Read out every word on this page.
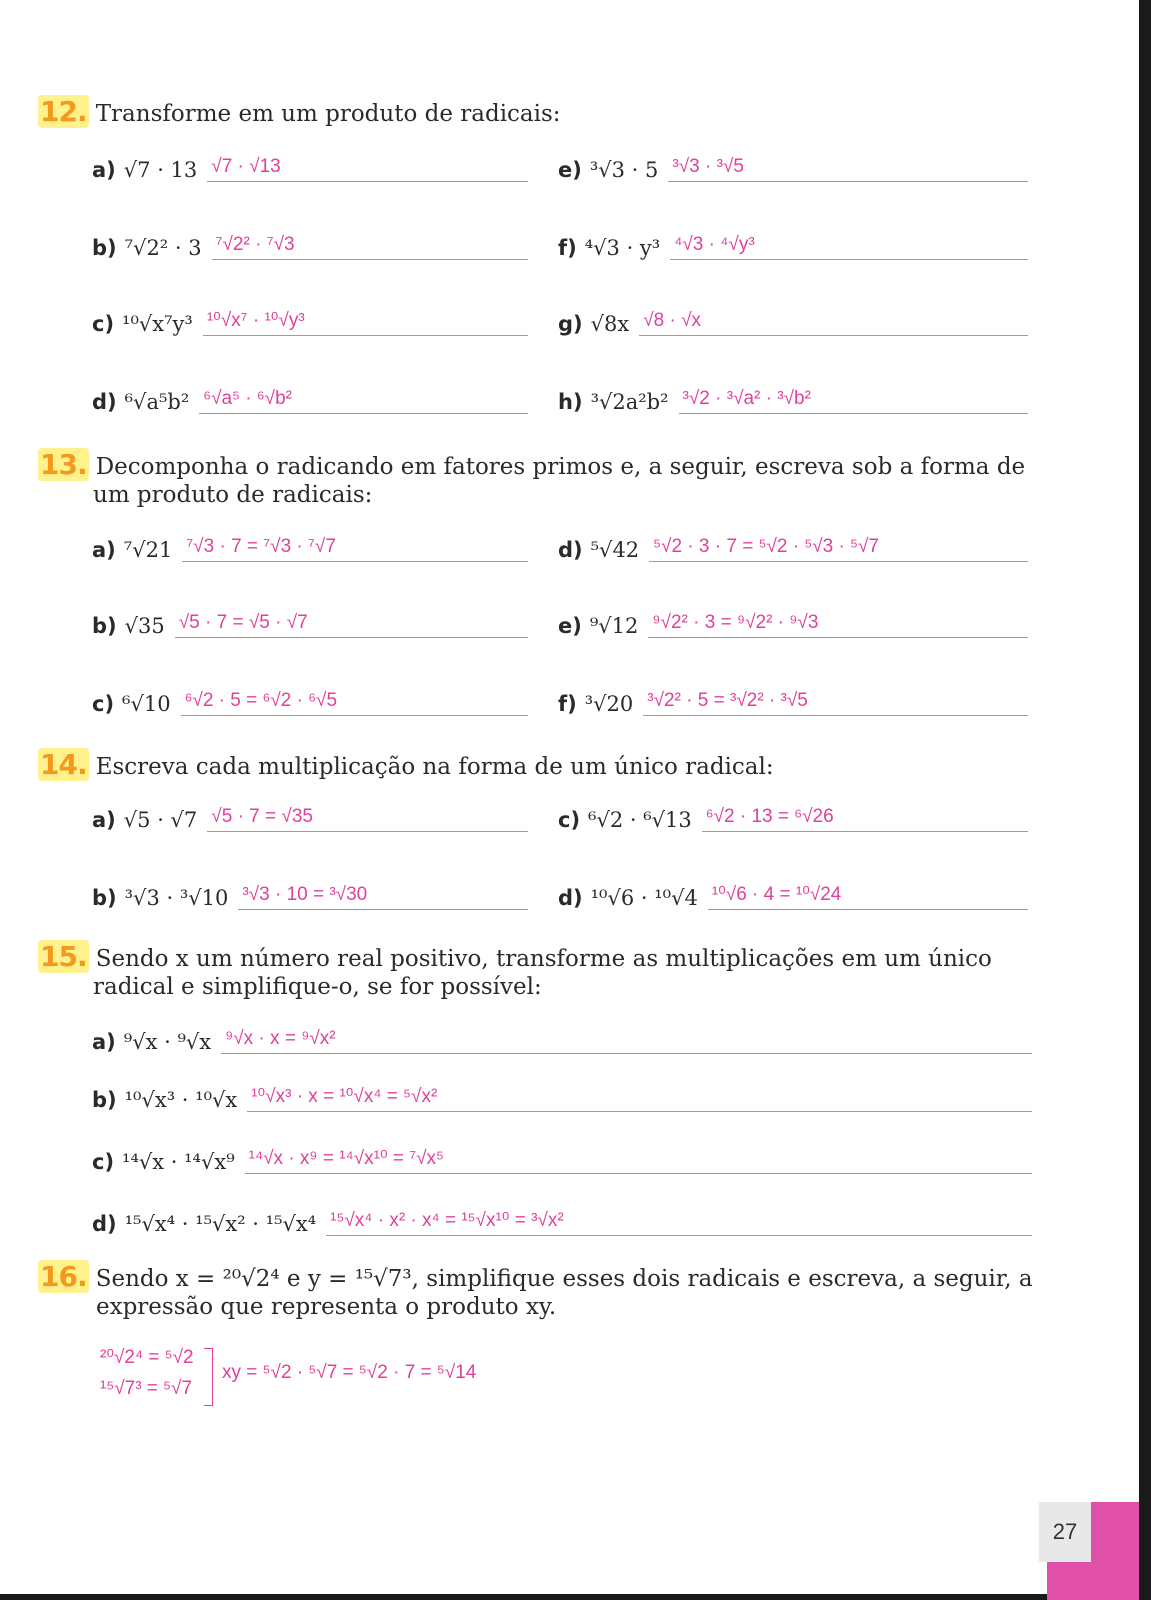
27
12. Transforme em um produto de radicais:
a) √7 · 13 √7 · √13	e) ³√3 · 5 ³√3 · ³√5
b) ⁷√2² · 3 ⁷√2² · ⁷√3	f) ⁴√3 · y³ ⁴√3 · ⁴√y³
c) ¹⁰√x⁷y³ ¹⁰√x⁷ · ¹⁰√y³	g) √8x √8 · √x
d) ⁶√a⁵b² ⁶√a⁵ · ⁶√b²	h) ³√2a²b² ³√2 · ³√a² · ³√b²
13. Decomponha o radicando em fatores primos e, a seguir, escreva sob a forma de
um produto de radicais:
a) ⁷√21 ⁷√3 · 7 = ⁷√3 · ⁷√7	d) ⁵√42 ⁵√2 · 3 · 7 = ⁵√2 · ⁵√3 · ⁵√7
b) √35 √5 · 7 = √5 · √7	e) ⁹√12 ⁹√2² · 3 = ⁹√2² · ⁹√3
c) ⁶√10 ⁶√2 · 5 = ⁶√2 · ⁶√5	f) ³√20 ³√2² · 5 = ³√2² · ³√5
14. Escreva cada multiplicação na forma de um único radical:
a) √5 · √7 √5 · 7 = √35	c) ⁶√2 · ⁶√13 ⁶√2 · 13 = ⁶√26
b) ³√3 · ³√10 ³√3 · 10 = ³√30	d) ¹⁰√6 · ¹⁰√4 ¹⁰√6 · 4 = ¹⁰√24
15. Sendo x um número real positivo, transforme as multiplicações em um único
radical e simplifique-o, se for possível:
a) ⁹√x · ⁹√x ⁹√x · x = ⁹√x²
b) ¹⁰√x³ · ¹⁰√x ¹⁰√x³ · x = ¹⁰√x⁴ = ⁵√x²
c) ¹⁴√x · ¹⁴√x⁹ ¹⁴√x · x⁹ = ¹⁴√x¹⁰ = ⁷√x⁵
d) ¹⁵√x⁴ · ¹⁵√x² · ¹⁵√x⁴ ¹⁵√x⁴ · x² · x⁴ = ¹⁵√x¹⁰ = ³√x²
16. Sendo x = ²⁰√2⁴ e y = ¹⁵√7³, simplifique esses dois radicais e escreva, a seguir, a
expressão que representa o produto xy.
²⁰√2⁴ = ⁵√2
¹⁵√7³ = ⁵√7
xy = ⁵√2 · ⁵√7 = ⁵√2 · 7 = ⁵√14
